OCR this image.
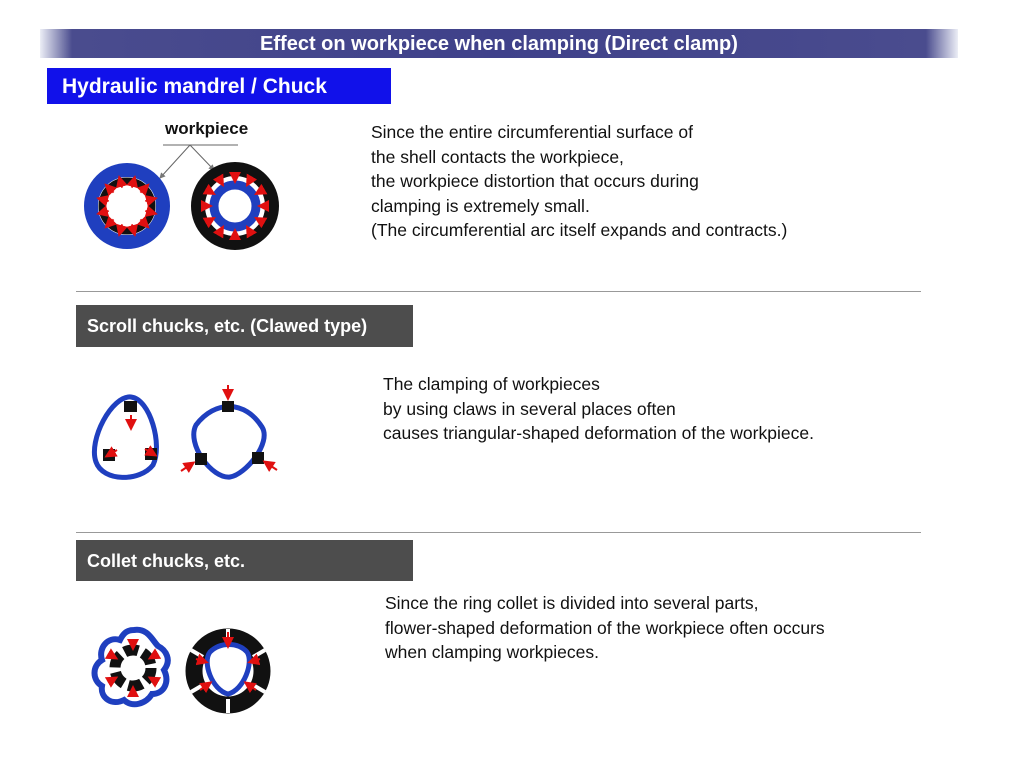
Effect on workpiece when clamping (Direct clamp)
Hydraulic mandrel / Chuck
workpiece	Since the entire circumferential surface of
the shell contacts the workpiece,
the workpiece distortion that occurs during
clamping is extremely small.
(The circumferential arc itself expands and contracts.)
Scroll chucks, etc. (Clawed type)
The clamping of workpieces
by using claws in several places often
causes triangular-shaped deformation of the workpiece.
Collet chucks, etc.
Since the ring collet is divided into several parts,
flower-shaped deformation of the workpiece often occurs
when clamping workpieces.
